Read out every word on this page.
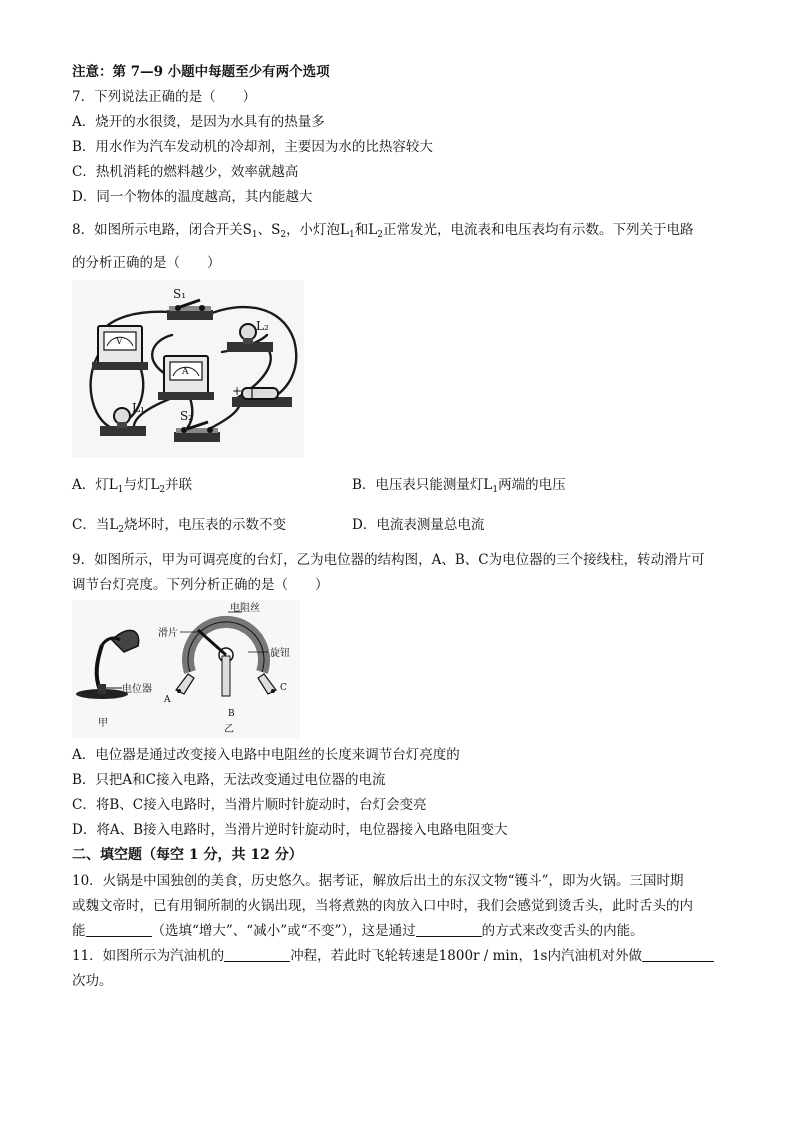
注意：第 7—9 小题中每题至少有两个选项
7．下列说法正确的是（　　）
A．烧开的水很烫，是因为水具有的热量多
B．用水作为汽车发动机的冷却剂，主要因为水的比热容较大
C．热机消耗的燃料越少，效率就越高
D．同一个物体的温度越高，其内能越大
8．如图所示电路，闭合开关$S_1$、$S_2$，小灯泡$L_1$和$L_2$正常发光，电流表和电压表均有示数。下列关于电路
的分析正确的是（　　）
S₁
L₂
V
A
+
L₁
S₂
A．灯$L_1$与灯$L_2$并联	B．电压表只能测量灯$L_1$两端的电压
C．当$L_2$烧坏时，电压表的示数不变	D．电流表测量总电流
9．如图所示，甲为可调亮度的台灯，乙为电位器的结构图，A、B、C为电位器的三个接线柱，转动滑片可
调节台灯亮度。下列分析正确的是（　　）
电位器
甲
电阻丝
滑片
旋钮
A
B
C
乙
A．电位器是通过改变接入电路中电阻丝的长度来调节台灯亮度的
B．只把A和C接入电路，无法改变通过电位器的电流
C．将B、C接入电路时，当滑片顺时针旋动时，台灯会变亮
D．将A、B接入电路时，当滑片逆时针旋动时，电位器接入电路电阻变大
二、填空题（每空 1 分，共 12 分）
10．火锅是中国独创的美食，历史悠久。据考证，解放后出土的东汉文物“镬斗”，即为火锅。三国时期
或魏文帝时，已有用铜所制的火锅出现，当将煮熟的肉放入口中时，我们会感觉到烫舌头，此时舌头的内
能	（选填“增大”、“减小”或“不变”），这是通过	的方式来改变舌头的内能。
11．如图所示为汽油机的	冲程，若此时飞轮转速是1800r / min，1s内汽油机对外做
次功。
